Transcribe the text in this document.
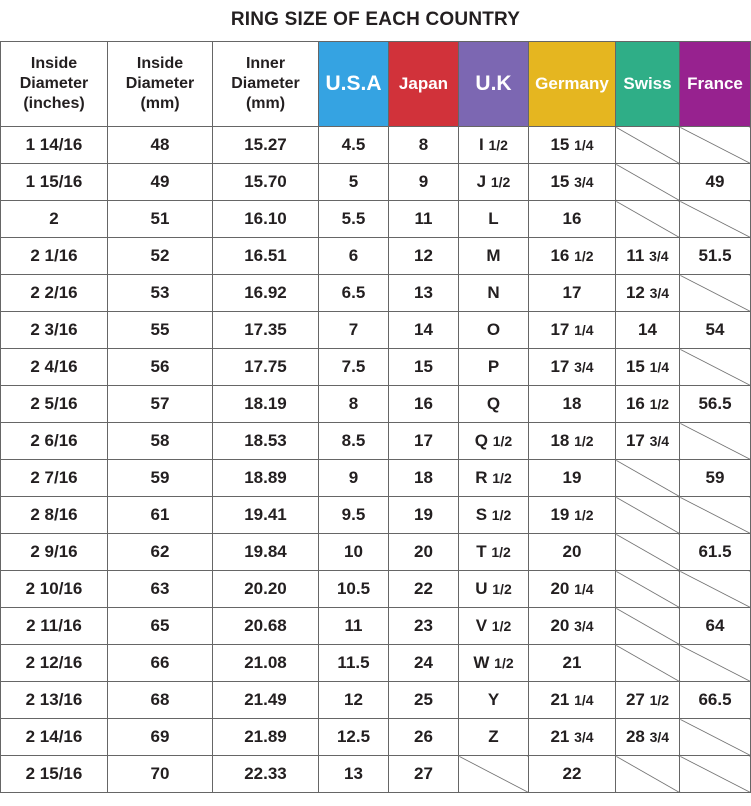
RING SIZE OF EACH COUNTRY
Inside Diameter (inches)	Inside Diameter (mm)	Inner Diameter (mm)	U.S.A	Japan	U.K	Germany	Swiss	France
1 14/16	48	15.27	4.5	8	I 1/2	15 1/4		
1 15/16	49	15.70	5	9	J 1/2	15 3/4		49
2	51	16.10	5.5	11	L	16		
2 1/16	52	16.51	6	12	M	16 1/2	11 3/4	51.5
2 2/16	53	16.92	6.5	13	N	17	12 3/4	
2 3/16	55	17.35	7	14	O	17 1/4	14	54
2 4/16	56	17.75	7.5	15	P	17 3/4	15 1/4	
2 5/16	57	18.19	8	16	Q	18	16 1/2	56.5
2 6/16	58	18.53	8.5	17	Q 1/2	18 1/2	17 3/4	
2 7/16	59	18.89	9	18	R 1/2	19		59
2 8/16	61	19.41	9.5	19	S 1/2	19 1/2		
2 9/16	62	19.84	10	20	T 1/2	20		61.5
2 10/16	63	20.20	10.5	22	U 1/2	20 1/4		
2 11/16	65	20.68	11	23	V 1/2	20 3/4		64
2 12/16	66	21.08	11.5	24	W 1/2	21		
2 13/16	68	21.49	12	25	Y	21 1/4	27 1/2	66.5
2 14/16	69	21.89	12.5	26	Z	21 3/4	28 3/4	
2 15/16	70	22.33	13	27		22		
